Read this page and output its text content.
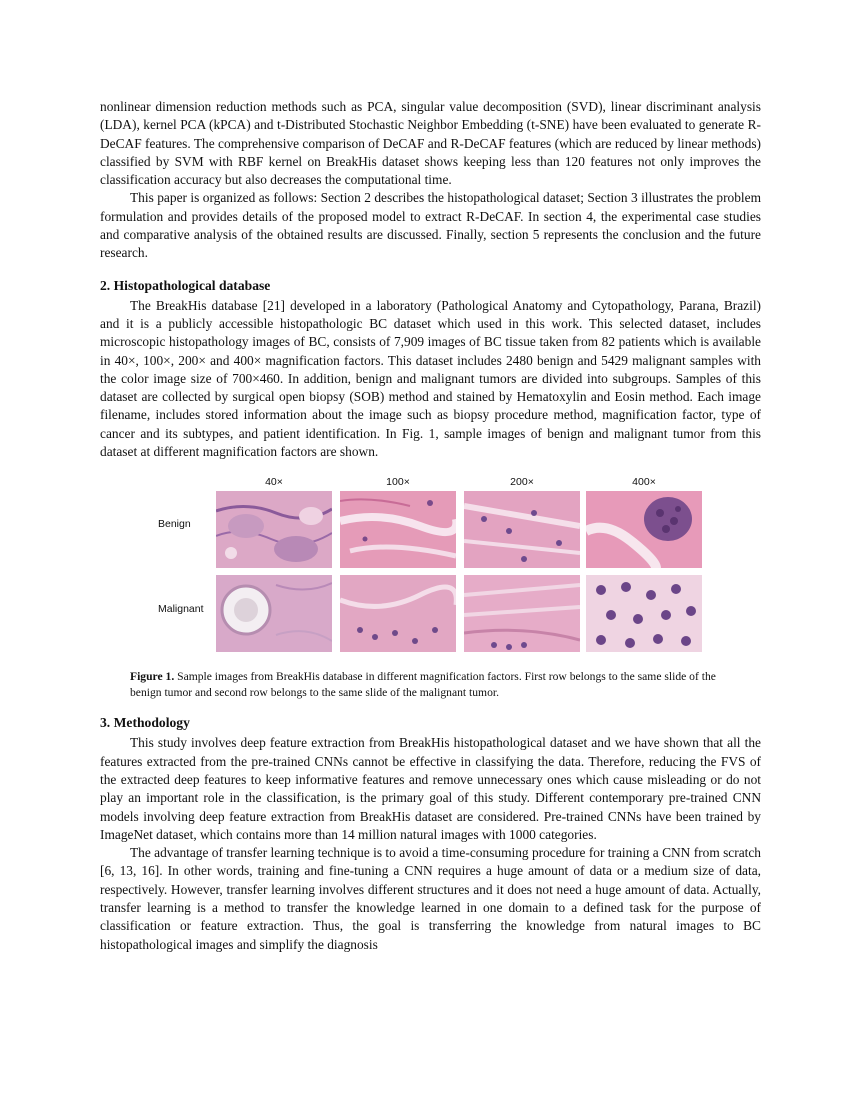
nonlinear dimension reduction methods such as PCA, singular value decomposition (SVD), linear discriminant analysis (LDA), kernel PCA (kPCA) and t-Distributed Stochastic Neighbor Embedding (t-SNE) have been evaluated to generate R-DeCAF features. The comprehensive comparison of DeCAF and R-DeCAF features (which are reduced by linear methods) classified by SVM with RBF kernel on BreakHis dataset shows keeping less than 120 features not only improves the classification accuracy but also decreases the computational time.

This paper is organized as follows: Section 2 describes the histopathological dataset; Section 3 illustrates the problem formulation and provides details of the proposed model to extract R-DeCAF. In section 4, the experimental case studies and comparative analysis of the obtained results are discussed. Finally, section 5 represents the conclusion and the future research.

2. Histopathological database

The BreakHis database [21] developed in a laboratory (Pathological Anatomy and Cytopathology, Parana, Brazil) and it is a publicly accessible histopathologic BC dataset which used in this work. This selected dataset, includes microscopic histopathology images of BC, consists of 7,909 images of BC tissue taken from 82 patients which is available in 40×, 100×, 200× and 400× magnification factors. This dataset includes 2480 benign and 5429 malignant samples with the color image size of 700×460. In addition, benign and malignant tumors are divided into subgroups. Samples of this dataset are collected by surgical open biopsy (SOB) method and stained by Hematoxylin and Eosin method. Each image filename, includes stored information about the image such as biopsy procedure method, magnification factor, type of cancer and its subtypes, and patient identification. In Fig. 1, sample images of benign and malignant tumor from this dataset at different magnification factors are shown.

40×	100×	200×	400×
Benign
Malignant
Figure 1. Sample images from BreakHis database in different magnification factors. First row belongs to the same slide of the benign tumor and second row belongs to the same slide of the malignant tumor.
3. Methodology

This study involves deep feature extraction from BreakHis histopathological dataset and we have shown that all the features extracted from the pre-trained CNNs cannot be effective in classifying the data. Therefore, reducing the FVS of the extracted deep features to keep informative features and remove unnecessary ones which cause misleading or do not play an important role in the classification, is the primary goal of this study. Different contemporary pre-trained CNN models involving deep feature extraction from BreakHis dataset are considered. Pre-trained CNNs have been trained by ImageNet dataset, which contains more than 14 million natural images with 1000 categories.

The advantage of transfer learning technique is to avoid a time-consuming procedure for training a CNN from scratch [6, 13, 16]. In other words, training and fine-tuning a CNN requires a huge amount of data or a medium size of data, respectively. However, transfer learning involves different structures and it does not need a huge amount of data. Actually, transfer learning is a method to transfer the knowledge learned in one domain to a defined task for the purpose of classification or feature extraction. Thus, the goal is transferring the knowledge from natural images to BC histopathological images and simplify the diagnosis
